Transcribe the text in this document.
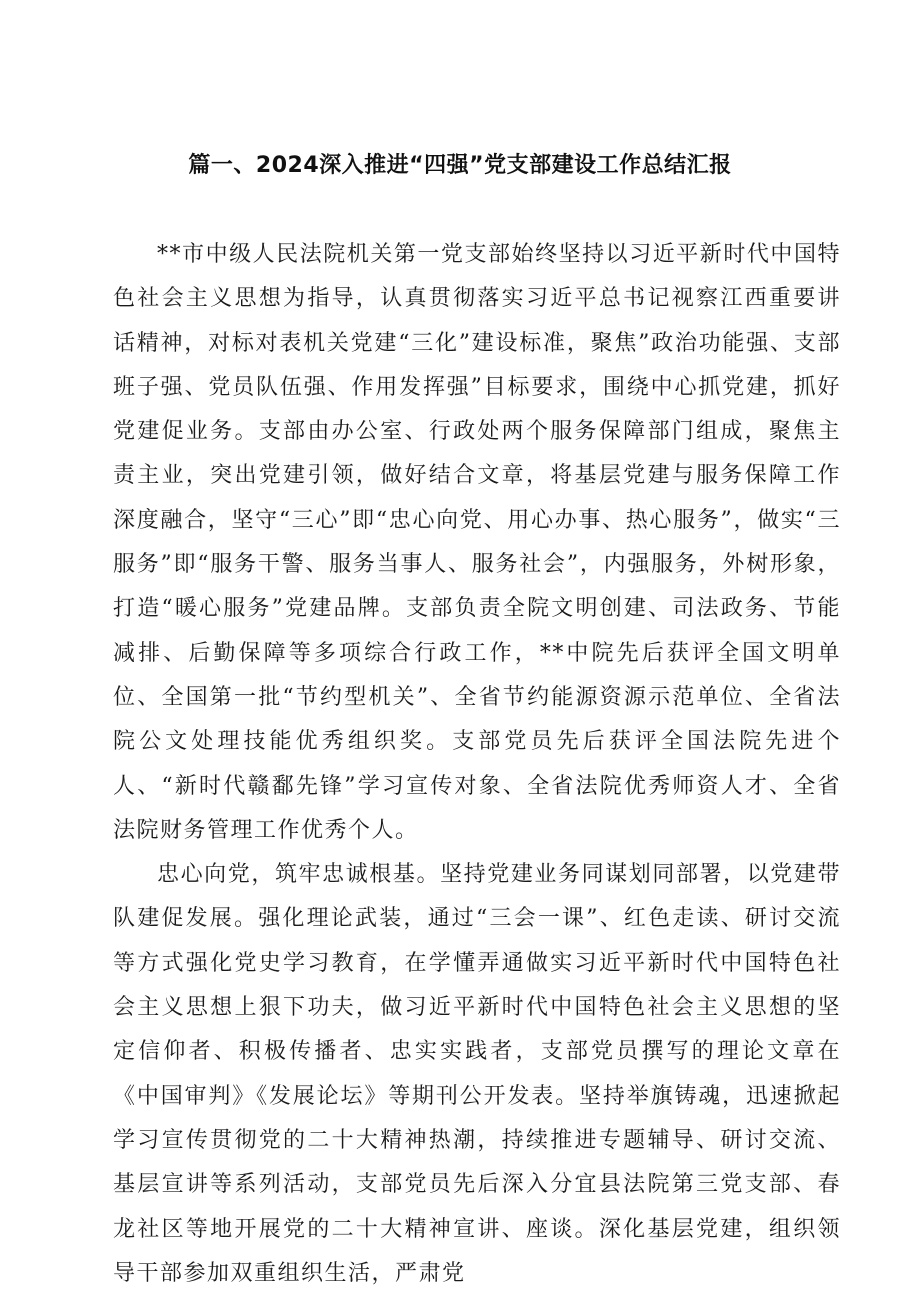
篇一、2024深入推进“四强”党支部建设工作总结汇报

**市中级人民法院机关第一党支部始终坚持以习近平新时代中国特色社会主义思想为指导，认真贯彻落实习近平总书记视察江西重要讲话精神，对标对表机关党建“三化”建设标准，聚焦”政治功能强、支部班子强、党员队伍强、作用发挥强”目标要求，围绕中心抓党建，抓好党建促业务。支部由办公室、行政处两个服务保障部门组成，聚焦主责主业，突出党建引领，做好结合文章，将基层党建与服务保障工作深度融合，坚守“三心”即“忠心向党、用心办事、热心服务”，做实“三服务”即“服务干警、服务当事人、服务社会”，内强服务，外树形象，打造“暖心服务”党建品牌。支部负责全院文明创建、司法政务、节能减排、后勤保障等多项综合行政工作，**中院先后获评全国文明单位、全国第一批“节约型机关”、全省节约能源资源示范单位、全省法院公文处理技能优秀组织奖。支部党员先后获评全国法院先进个人、“新时代赣鄱先锋”学习宣传对象、全省法院优秀师资人才、全省法院财务管理工作优秀个人。

忠心向党，筑牢忠诚根基。坚持党建业务同谋划同部署，以党建带队建促发展。强化理论武装，通过“三会一课”、红色走读、研讨交流等方式强化党史学习教育，在学懂弄通做实习近平新时代中国特色社会主义思想上狠下功夫，做习近平新时代中国特色社会主义思想的坚定信仰者、积极传播者、忠实实践者，支部党员撰写的理论文章在《中国审判》《发展论坛》等期刊公开发表。坚持举旗铸魂，迅速掀起学习宣传贯彻党的二十大精神热潮，持续推进专题辅导、研讨交流、基层宣讲等系列活动，支部党员先后深入分宜县法院第三党支部、春龙社区等地开展党的二十大精神宣讲、座谈。深化基层党建，组织领导干部参加双重组织生活，严肃党
